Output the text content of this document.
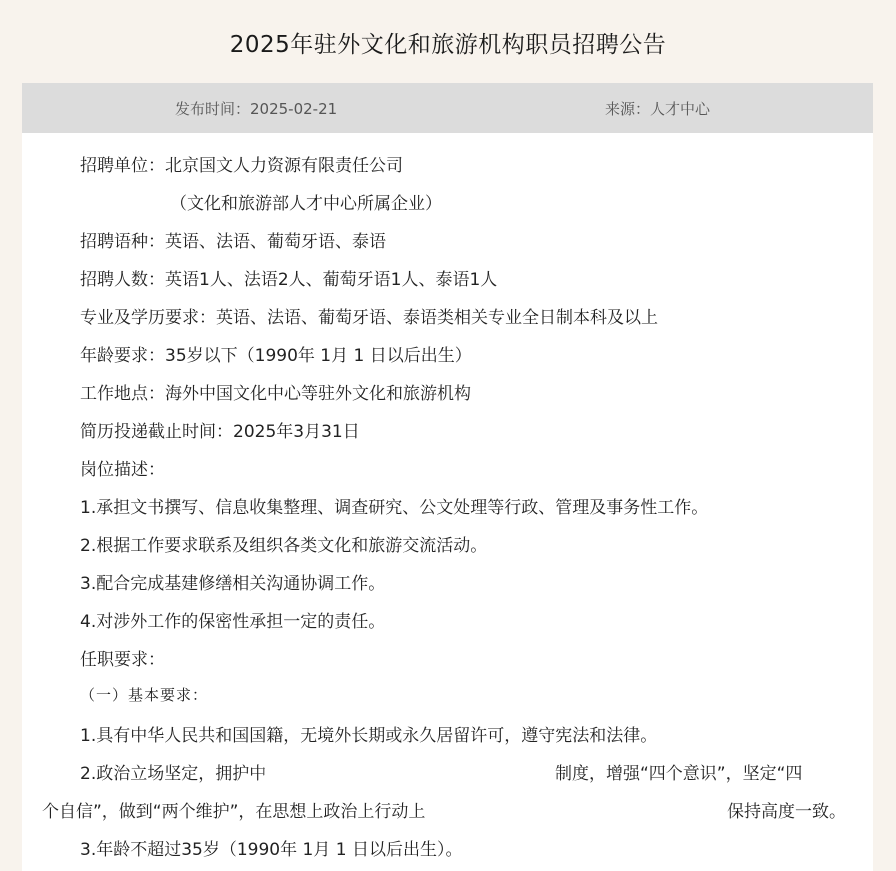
2025年驻外文化和旅游机构职员招聘公告
发布时间：2025-02-21	来源：人才中心
招聘单位：北京国文人力资源有限责任公司
（文化和旅游部人才中心所属企业）
招聘语种：英语、法语、葡萄牙语、泰语
招聘人数：英语1人、法语2人、葡萄牙语1人、泰语1人
专业及学历要求：英语、法语、葡萄牙语、泰语类相关专业全日制本科及以上
年龄要求：35岁以下（1990年 1月 1 日以后出生）
工作地点：海外中国文化中心等驻外文化和旅游机构
简历投递截止时间：2025年3月31日
岗位描述：
1.承担文书撰写、信息收集整理、调查研究、公文处理等行政、管理及事务性工作。
2.根据工作要求联系及组织各类文化和旅游交流活动。
3.配合完成基建修缮相关沟通协调工作。
4.对涉外工作的保密性承担一定的责任。
任职要求：
（一）基本要求：
1.具有中华人民共和国国籍，无境外长期或永久居留许可，遵守宪法和法律。
2.政治立场坚定，拥护中	制度，增强“四个意识”，坚定“四
个自信”，做到“两个维护”，在思想上政治上行动上	保持高度一致。
3.年龄不超过35岁（1990年 1月 1 日以后出生）。
